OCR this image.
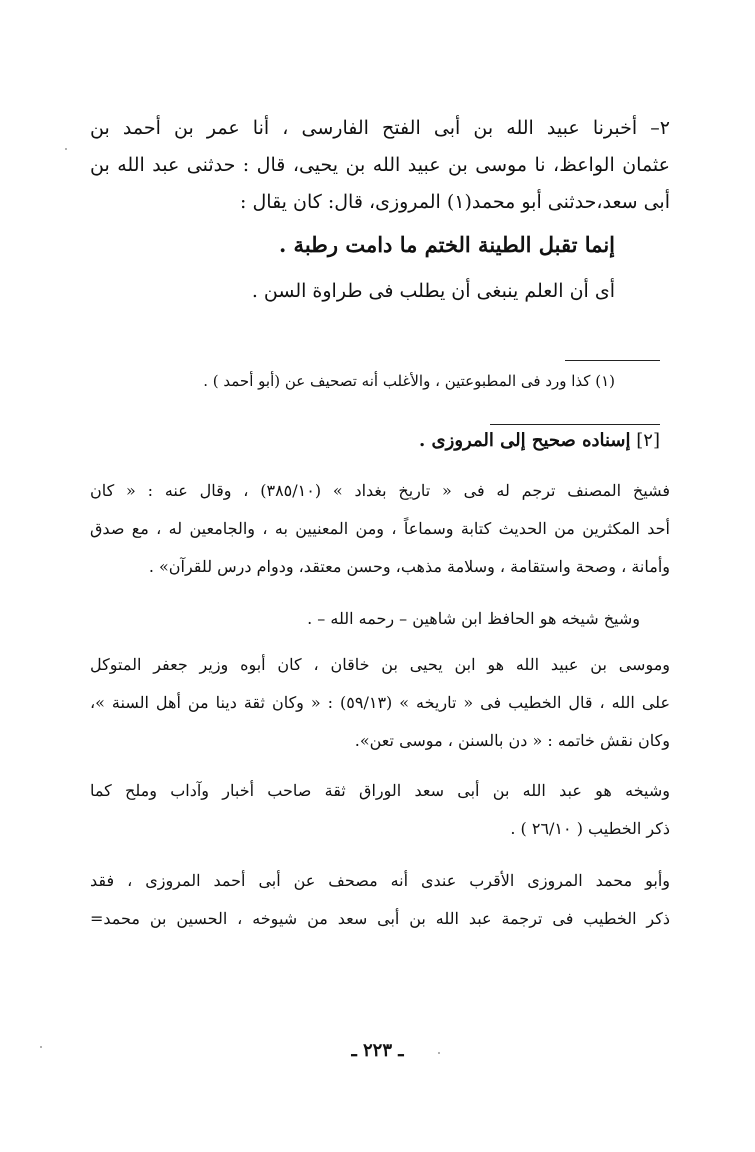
٢– أخبرنا عبيد الله بن أبى الفتح الفارسى ، أنا عمر بن أحمد بن
عثمان الواعظ، نا موسى بن عبيد الله بن يحيى، قال : حدثنى عبد الله بن
أبى سعد،حدثنى أبو محمد(١) المروزى، قال: كان يقال :
إنما تقبل الطينة الختم ما دامت رطبة .
أى أن العلم ينبغى أن يطلب فى طراوة السن .
(١) كذا ورد فى المطبوعتين ، والأغلب أنه تصحيف عن (أبو أحمد ) .
[٢] إسناده صحيح إلى المروزى .
فشيخ المصنف ترجم له فى « تاريخ بغداد » (٣٨٥/١٠) ، وقال عنه : « كان
أحد المكثرين من الحديث كتابة وسماعاً ، ومن المعنيين به ، والجامعين له ، مع صدق
وأمانة ، وصحة واستقامة ، وسلامة مذهب، وحسن معتقد، ودوام درس للقرآن» .
وشيخ شيخه هو الحافظ ابن شاهين – رحمه الله – .
وموسى بن عبيد الله هو ابن يحيى بن خاقان ، كان أبوه وزير جعفر المتوكل
على الله ، قال الخطيب فى « تاريخه » (٥٩/١٣) : « وكان ثقة دينا من أهل السنة »،
وكان نقش خاتمه : « دن بالسنن ، موسى تعن».
وشيخه هو عبد الله بن أبى سعد الوراق ثقة صاحب أخبار وآداب وملح كما
ذكر الخطيب ( ٢٦/١٠ ) .
وأبو محمد المروزى الأقرب عندى أنه مصحف عن أبى أحمد المروزى ، فقد
ذكر الخطيب فى ترجمة عبد الله بن أبى سعد من شيوخه ، الحسين بن محمد=
ـ ٢٢٣ ـ
